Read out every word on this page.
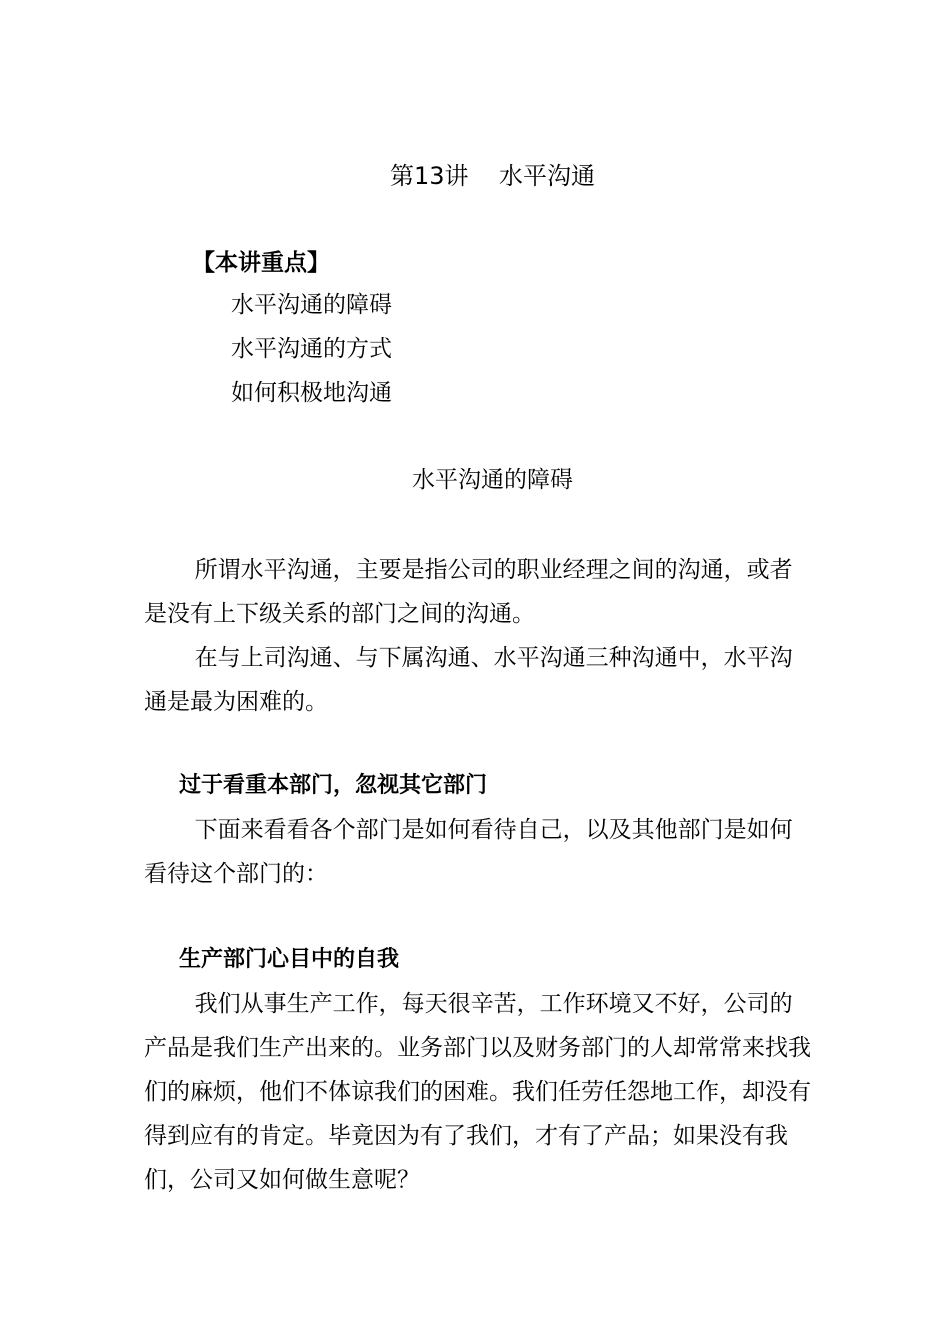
第13讲    水平沟通
【本讲重点】
水平沟通的障碍
水平沟通的方式
如何积极地沟通
水平沟通的障碍

所谓水平沟通，主要是指公司的职业经理之间的沟通，或者是没有上下级关系的部门之间的沟通。

在与上司沟通、与下属沟通、水平沟通三种沟通中，水平沟通是最为困难的。

过于看重本部门，忽视其它部门

下面来看看各个部门是如何看待自己，以及其他部门是如何看待这个部门的：

生产部门心目中的自我

我们从事生产工作，每天很辛苦，工作环境又不好，公司的产品是我们生产出来的。业务部门以及财务部门的人却常常来找我们的麻烦，他们不体谅我们的困难。我们任劳任怨地工作，却没有得到应有的肯定。毕竟因为有了我们，才有了产品；如果没有我们，公司又如何做生意呢？
